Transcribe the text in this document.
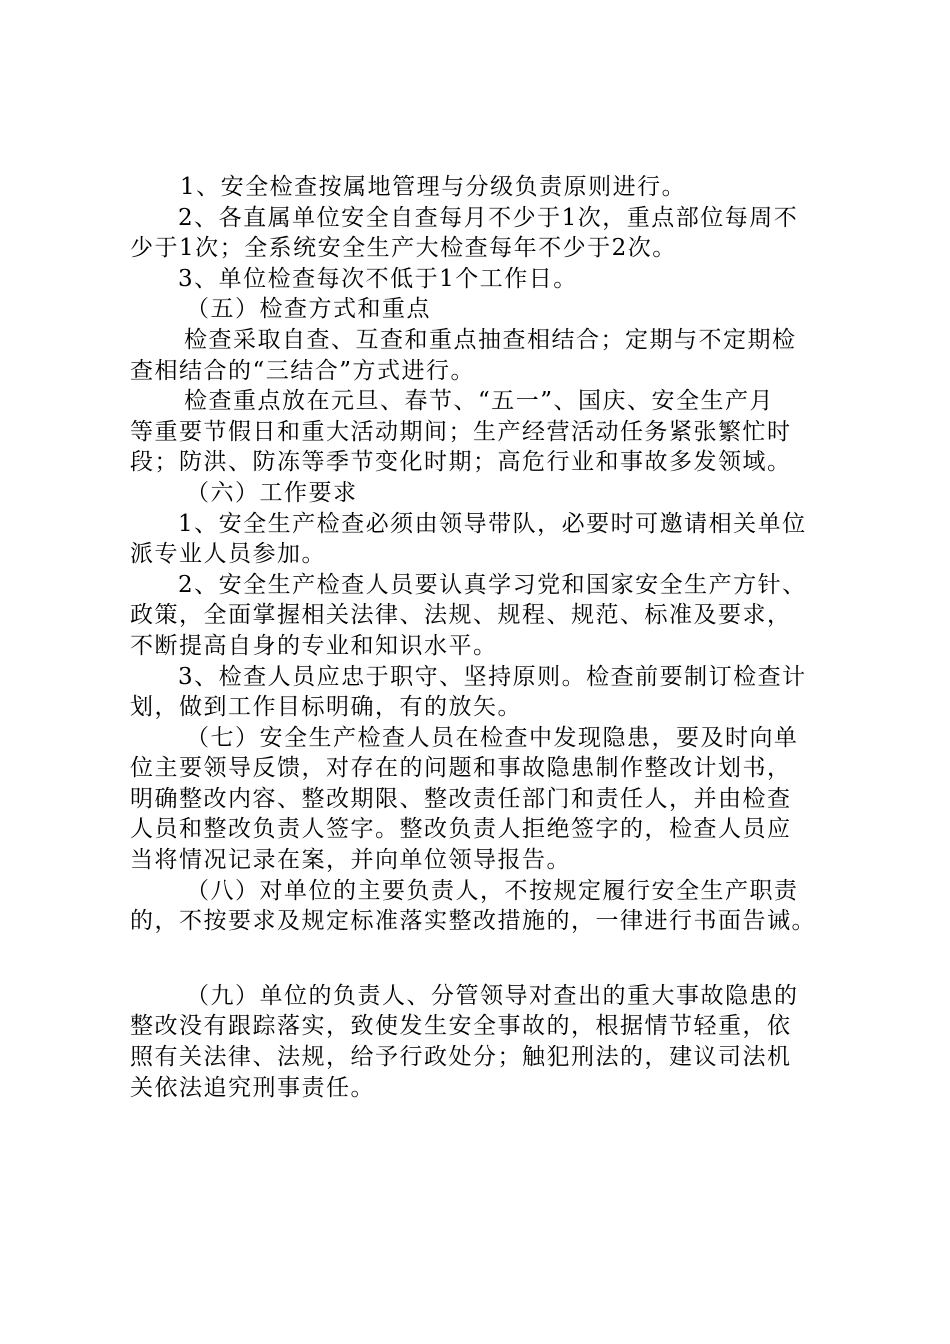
1、安全检查按属地管理与分级负责原则进行。
2、各直属单位安全自查每月不少于1次，重点部位每周不
少于1次；全系统安全生产大检查每年不少于2次。
3、单位检查每次不低于1个工作日。
（五）检查方式和重点
检查采取自查、互查和重点抽查相结合；定期与不定期检
查相结合的“三结合”方式进行。
检查重点放在元旦、春节、“五一”、国庆、安全生产月
等重要节假日和重大活动期间；生产经营活动任务紧张繁忙时
段；防洪、防冻等季节变化时期；高危行业和事故多发领域。
（六）工作要求
1、安全生产检查必须由领导带队，必要时可邀请相关单位
派专业人员参加。
2、安全生产检查人员要认真学习党和国家安全生产方针、
政策，全面掌握相关法律、法规、规程、规范、标准及要求，
不断提高自身的专业和知识水平。
3、检查人员应忠于职守、坚持原则。检查前要制订检查计
划，做到工作目标明确，有的放矢。
（七）安全生产检查人员在检查中发现隐患，要及时向单
位主要领导反馈，对存在的问题和事故隐患制作整改计划书，
明确整改内容、整改期限、整改责任部门和责任人，并由检查
人员和整改负责人签字。整改负责人拒绝签字的，检查人员应
当将情况记录在案，并向单位领导报告。
（八）对单位的主要负责人，不按规定履行安全生产职责
的，不按要求及规定标准落实整改措施的，一律进行书面告诫。
（九）单位的负责人、分管领导对查出的重大事故隐患的
整改没有跟踪落实，致使发生安全事故的，根据情节轻重，依
照有关法律、法规，给予行政处分；触犯刑法的，建议司法机
关依法追究刑事责任。
